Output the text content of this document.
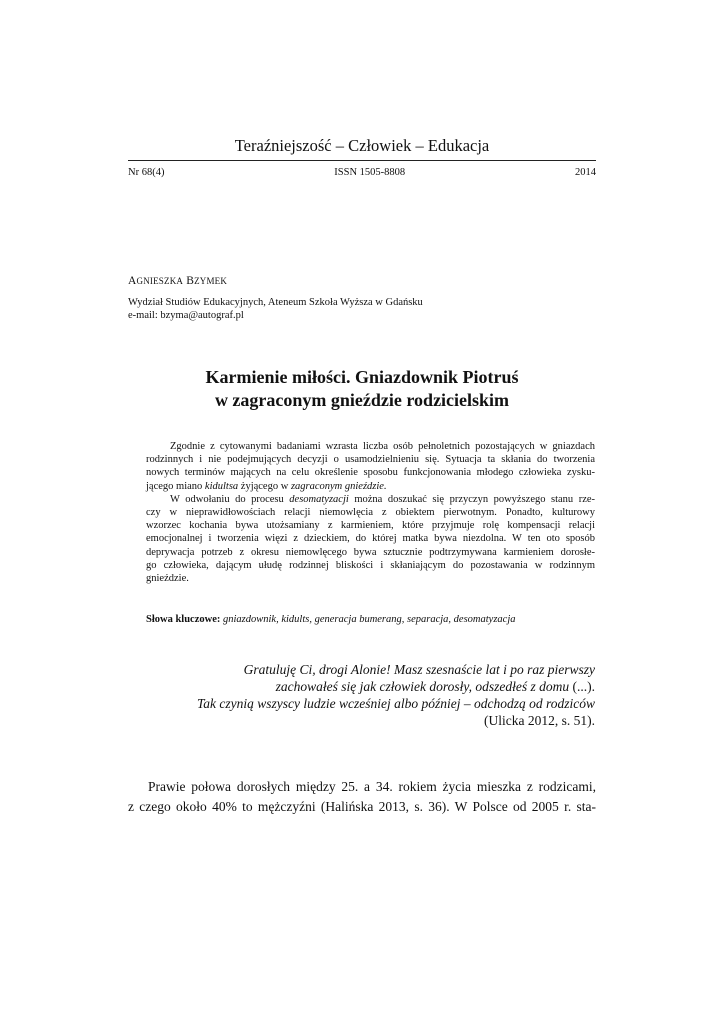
Teraźniejszość – Człowiek – Edukacja
Nr 68(4)	ISSN 1505-8808	2014
AGNIESZKA BZYMEK
Wydział Studiów Edukacyjnych, Ateneum Szkoła Wyższa w Gdańsku
e-mail: bzyma@autograf.pl
Karmienie miłości. Gniazdownik Piotruś
w zagraconym gnieździe rodzicielskim
Zgodnie z cytowanymi badaniami wzrasta liczba osób pełnoletnich pozostających w gniazdach
rodzinnych i nie podejmujących decyzji o usamodzielnieniu się. Sytuacja ta skłania do tworzenia
nowych terminów mających na celu określenie sposobu funkcjonowania młodego człowieka zysku-
jącego miano kidultsa żyjącego w zagraconym gnieździe.
W odwołaniu do procesu desomatyzacji można doszukać się przyczyn powyższego stanu rze-
czy w nieprawidłowościach relacji niemowlęcia z obiektem pierwotnym. Ponadto, kulturowy
wzorzec kochania bywa utożsamiany z karmieniem, które przyjmuje rolę kompensacji relacji
emocjonalnej i tworzenia więzi z dzieckiem, do której matka bywa niezdolna. W ten oto sposób
deprywacja potrzeb z okresu niemowlęcego bywa sztucznie podtrzymywana karmieniem dorosłe-
go człowieka, dającym ułudę rodzinnej bliskości i skłaniającym do pozostawania w rodzinnym
gnieździe.
Słowa kluczowe: gniazdownik, kidults, generacja bumerang, separacja, desomatyzacja
Gratuluję Ci, drogi Alonie! Masz szesnaście lat i po raz pierwszy
zachowałeś się jak człowiek dorosły, odszedłeś z domu (...).
Tak czynią wszyscy ludzie wcześniej albo później – odchodzą od rodziców
(Ulicka 2012, s. 51).
Prawie połowa dorosłych między 25. a 34. rokiem życia mieszka z rodzicami,
z czego około 40% to mężczyźni (Halińska 2013, s. 36). W Polsce od 2005 r. sta-
